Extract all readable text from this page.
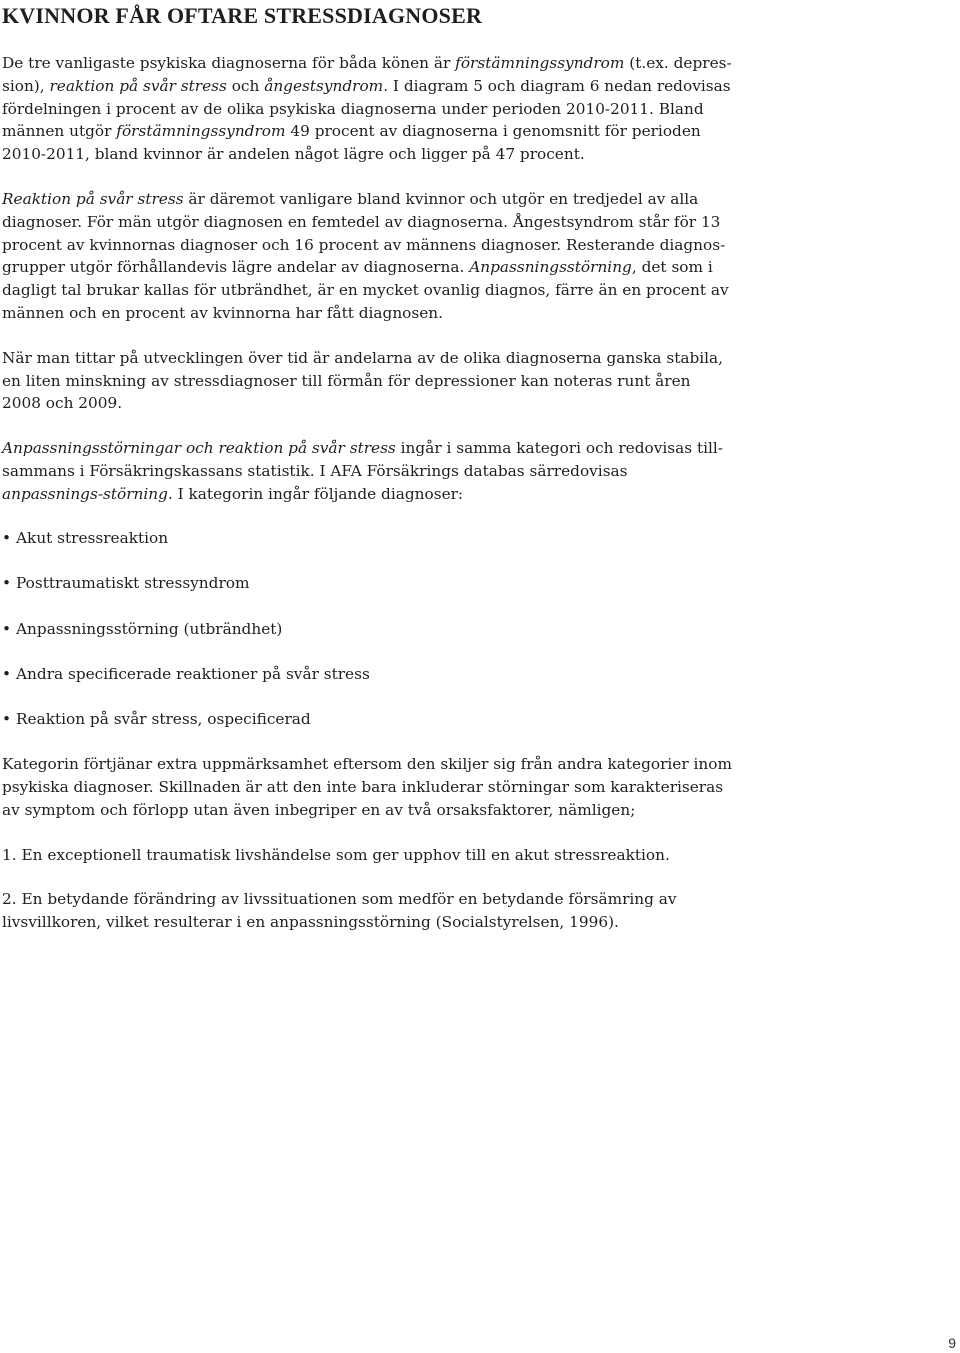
KVINNOR FÅR OFTARE STRESSDIAGNOSER

De tre vanligaste psykiska diagnoserna för båda könen är förstämningssyndrom (t.ex. depres-sion), reaktion på svår stress och ångestsyndrom. I diagram 5 och diagram 6 nedan redovisas fördelningen i procent av de olika psykiska diagnoserna under perioden 2010-2011. Bland männen utgör förstämningssyndrom 49 procent av diagnoserna i genomsnitt för perioden 2010-2011, bland kvinnor är andelen något lägre och ligger på 47 procent.

Reaktion på svår stress är däremot vanligare bland kvinnor och utgör en tredjedel av alla diagnoser. För män utgör diagnosen en femtedel av diagnoserna. Ångestsyndrom står för 13 procent av kvinnornas diagnoser och 16 procent av männens diagnoser. Resterande diagnos-grupper utgör förhållandevis lägre andelar av diagnoserna. Anpassningsstörning, det som i dagligt tal brukar kallas för utbrändhet, är en mycket ovanlig diagnos, färre än en procent av männen och en procent av kvinnorna har fått diagnosen.

När man tittar på utvecklingen över tid är andelarna av de olika diagnoserna ganska stabila, en liten minskning av stressdiagnoser till förmån för depressioner kan noteras runt åren 2008 och 2009.

Anpassningsstörningar och reaktion på svår stress ingår i samma kategori och redovisas till-sammans i Försäkringskassans statistik. I AFA Försäkrings databas särredovisas anpassnings-störning. I kategorin ingår följande diagnoser:

• Akut stressreaktion
• Posttraumatiskt stressyndrom
• Anpassningsstörning (utbrändhet)
• Andra specificerade reaktioner på svår stress
• Reaktion på svår stress, ospecificerad

Kategorin förtjänar extra uppmärksamhet eftersom den skiljer sig från andra kategorier inom psykiska diagnoser. Skillnaden är att den inte bara inkluderar störningar som karakteriseras av symptom och förlopp utan även inbegriper en av två orsaksfaktorer, nämligen;

1. En exceptionell traumatisk livshändelse som ger upphov till en akut stressreaktion.

2. En betydande förändring av livssituationen som medför en betydande försämring av livsvillkoren, vilket resulterar i en anpassningsstörning (Socialstyrelsen, 1996).

9
